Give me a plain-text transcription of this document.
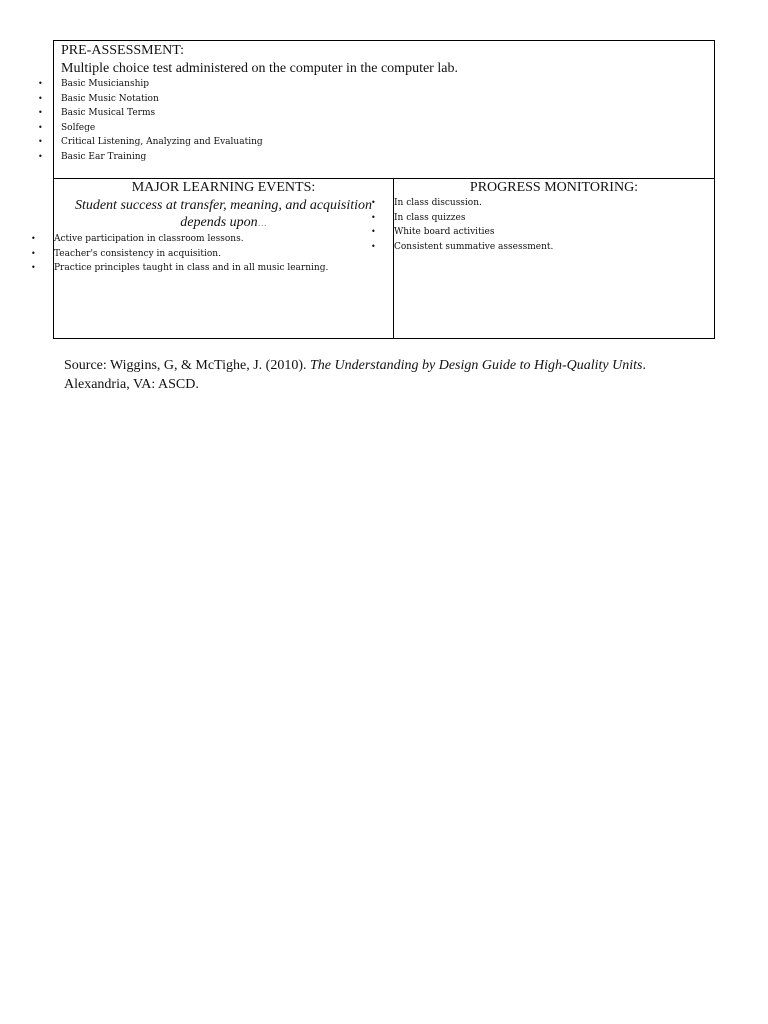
PRE-ASSESSMENT:

Multiple choice test administered on the computer in the computer lab.

• Basic Musicianship
• Basic Music Notation
• Basic Musical Terms
• Solfege
• Critical Listening, Analyzing and Evaluating
• Basic Ear Training

MAJOR LEARNING EVENTS:

Student success at transfer, meaning, and acquisition depends upon…

• Active participation in classroom lessons.
• Teacher's consistency in acquisition.
• Practice principles taught in class and in all music learning.

PROGRESS MONITORING:

• In class discussion.
• In class quizzes
• White board activities
• Consistent summative assessment.
Source: Wiggins, G, & McTighe, J. (2010). The Understanding by Design Guide to High-Quality Units.
Alexandria, VA: ASCD.
